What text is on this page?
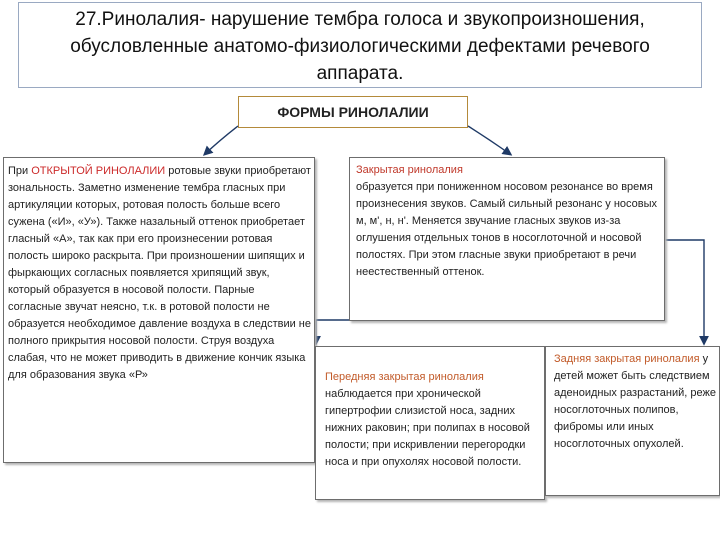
27.Ринолалия- нарушение тембра голоса и звукопроизношения,
обусловленные анатомо-физиологическими дефектами речевого
аппарата.
ФОРМЫ РИНОЛАЛИИ
При ОТКРЫТОЙ РИНОЛАЛИИ ротовые звуки приобретают зональность. Заметно изменение тембра гласных при артикуляции которых, ротовая полость больше всего сужена («И», «У»). Также назальный оттенок приобретает гласный «А», так как при его произнесении ротовая полость широко раскрыта. При произношении шипящих и фыркающих согласных появляется хрипящий звук, который образуется в носовой полости. Парные согласные звучат неясно, т.к. в ротовой полости не образуется необходимое давление воздуха в следствии не полного прикрытия носовой полости. Струя воздуха слабая, что не может приводить в движение кончик языка для образования звука «Р»
Закрытая ринолалия
образуется при пониженном носовом резонансе во время произнесения звуков. Самый сильный резонанс у носовых м, м', н, н'. Меняется звучание гласных звуков из-за оглушения отдельных тонов в носоглоточной и носовой полостях. При этом гласные звуки приобретают в речи неестественный оттенок.
Передняя закрытая ринолалия
наблюдается при хронической гипертрофии слизистой носа, задних нижних раковин; при полипах в носовой полости; при искривлении перегородки носа и при опухолях носовой полости.
Задняя закрытая ринолалия у детей может быть следствием аденоидных разрастаний, реже носоглоточных полипов, фибромы или иных носоглоточных опухолей.
